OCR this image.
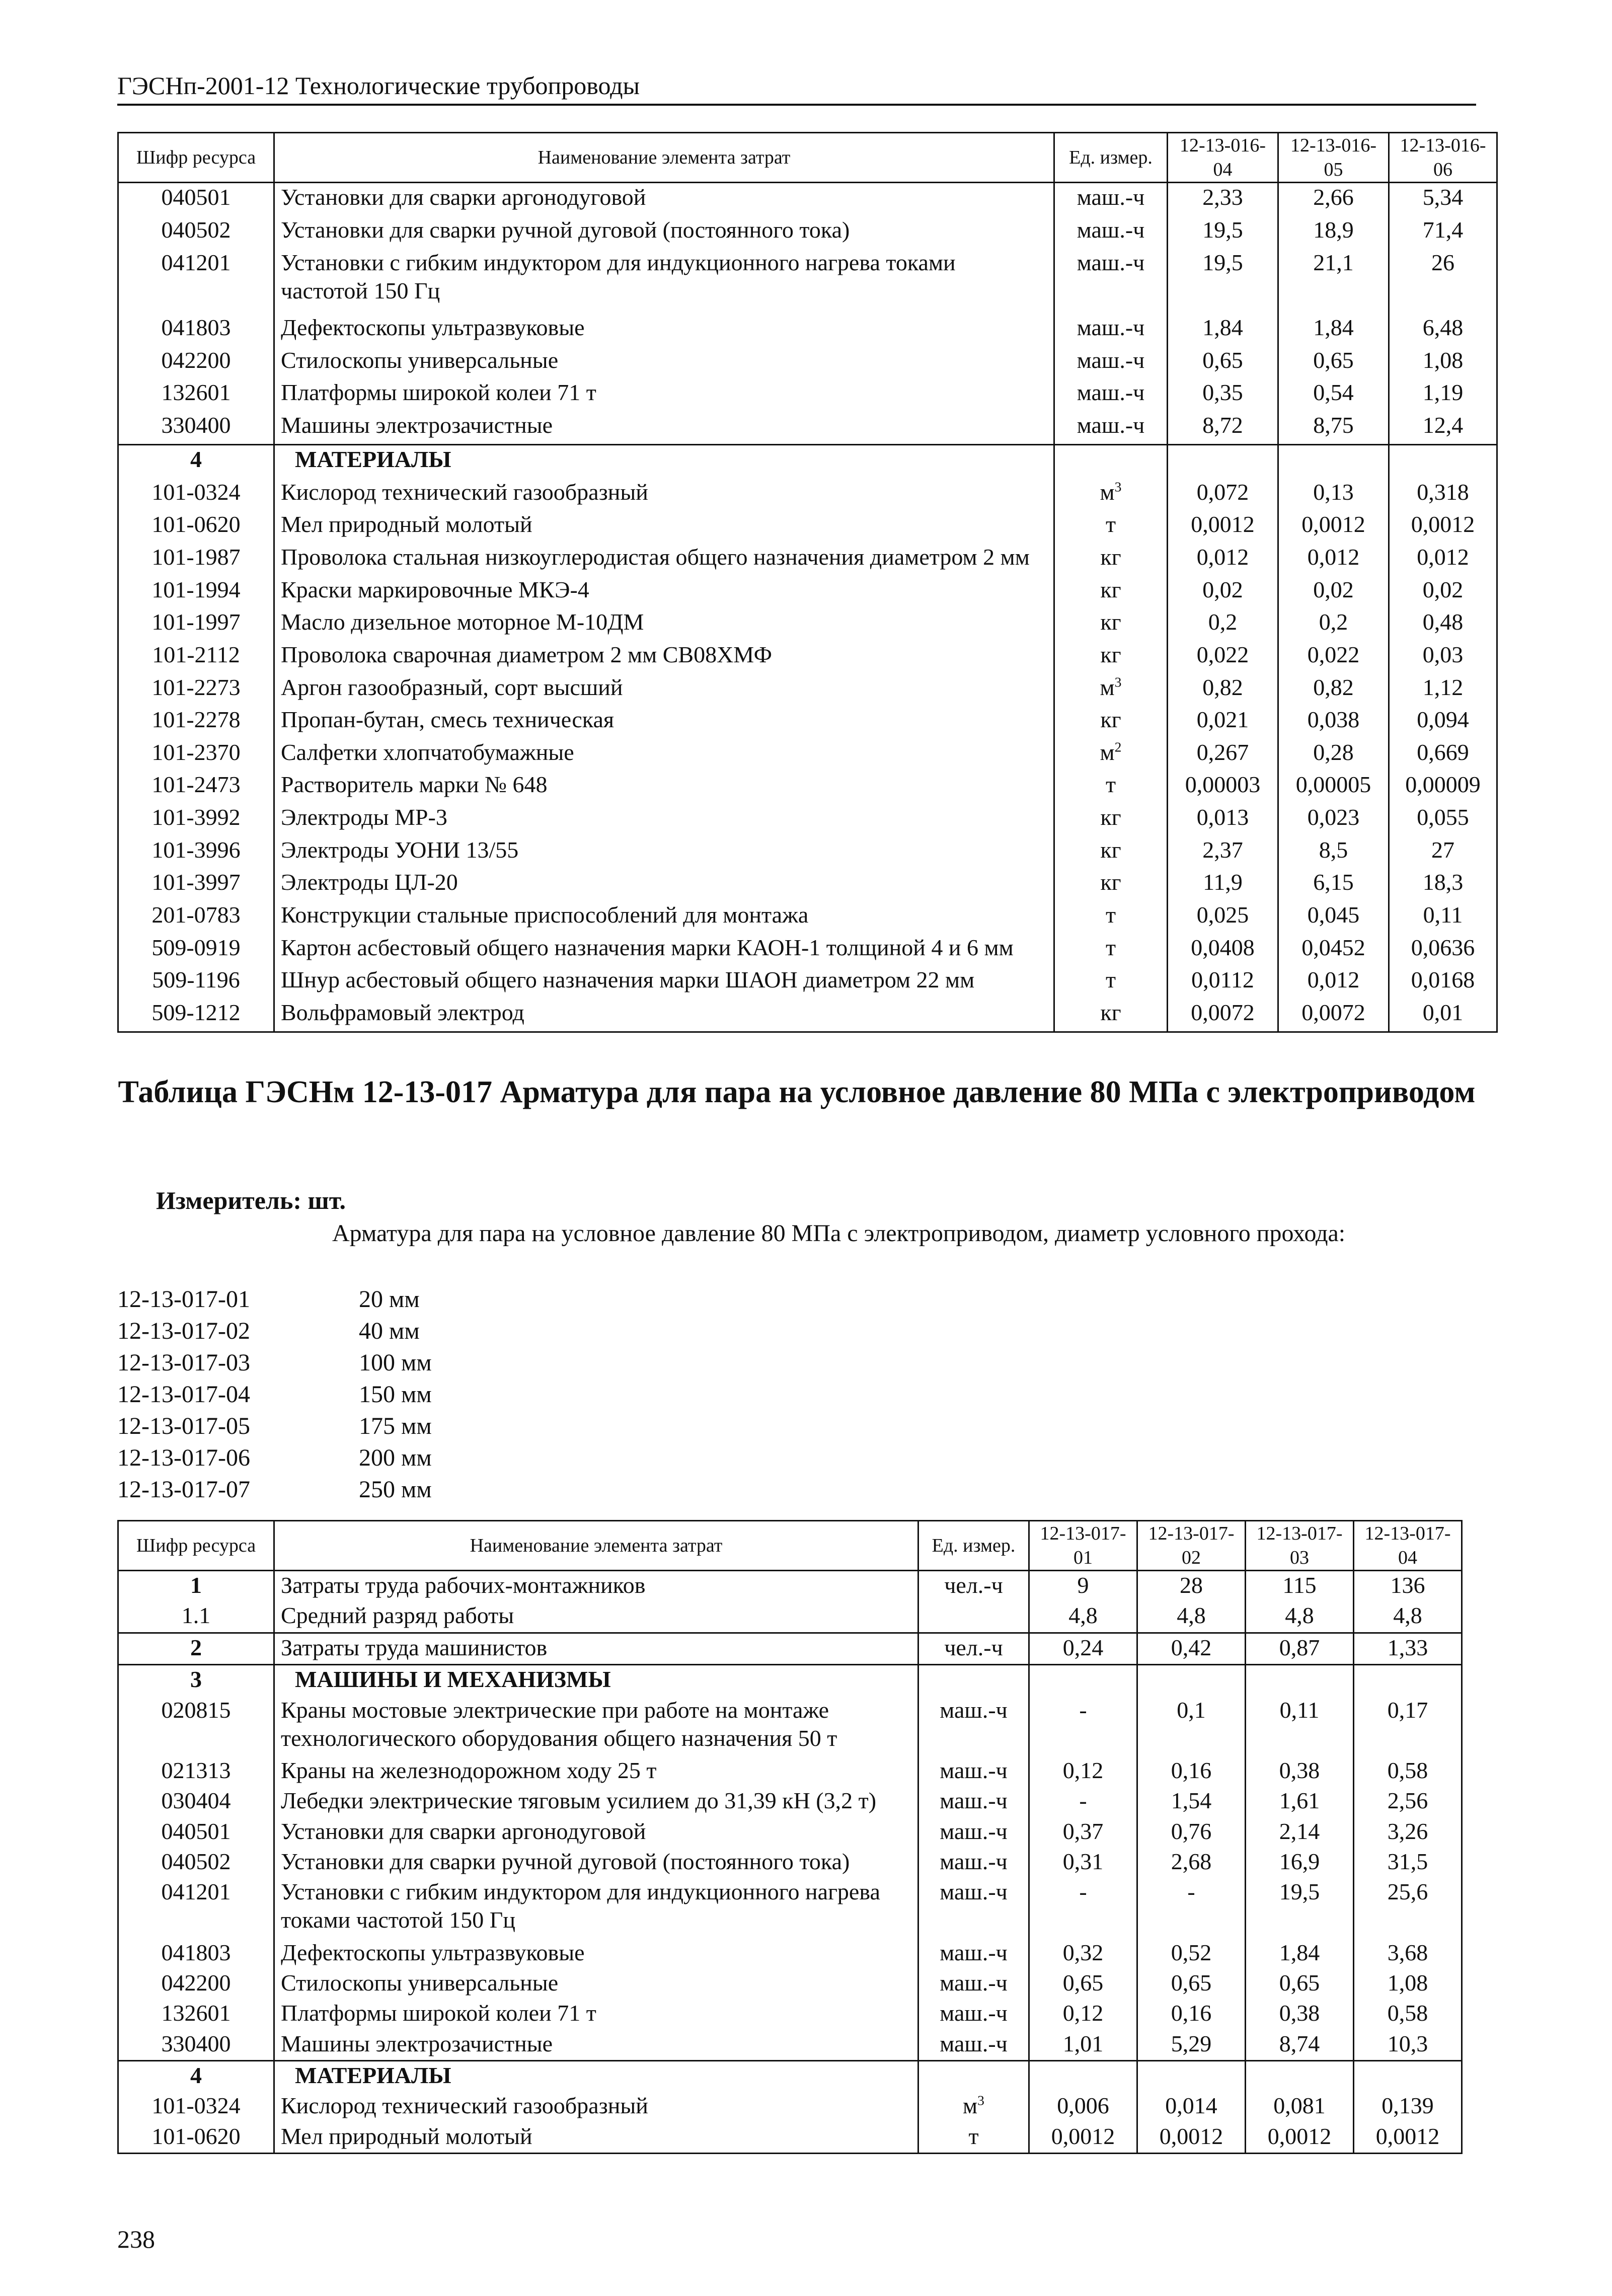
ГЭСНп-2001-12 Технологические трубопроводы
Шифр ресурса	Наименование элемента затрат	Ед. измер.	12-13-016-04	12-13-016-05	12-13-016-06
040501	Установки для сварки аргонодуговой	маш.-ч	2,33	2,66	5,34
040502	Установки для сварки ручной дуговой (постоянного тока)	маш.-ч	19,5	18,9	71,4
041201	Установки с гибким индуктором для индукционного нагрева токами частотой 150 Гц	маш.-ч	19,5	21,1	26
041803	Дефектоскопы ультразвуковые	маш.-ч	1,84	1,84	6,48
042200	Стилоскопы универсальные	маш.-ч	0,65	0,65	1,08
132601	Платформы широкой колеи 71 т	маш.-ч	0,35	0,54	1,19
330400	Машины электрозачистные	маш.-ч	8,72	8,75	12,4
4	МАТЕРИАЛЫ				
101-0324	Кислород технический газообразный	$м^3$	0,072	0,13	0,318
101-0620	Мел природный молотый	т	0,0012	0,0012	0,0012
101-1987	Проволока стальная низкоуглеродистая общего назначения диаметром 2 мм	кг	0,012	0,012	0,012
101-1994	Краски маркировочные МКЭ-4	кг	0,02	0,02	0,02
101-1997	Масло дизельное моторное М-10ДМ	кг	0,2	0,2	0,48
101-2112	Проволока сварочная диаметром 2 мм СВ08ХМФ	кг	0,022	0,022	0,03
101-2273	Аргон газообразный, сорт высший	$м^3$	0,82	0,82	1,12
101-2278	Пропан-бутан, смесь техническая	кг	0,021	0,038	0,094
101-2370	Салфетки хлопчатобумажные	$м^2$	0,267	0,28	0,669
101-2473	Растворитель марки № 648	т	0,00003	0,00005	0,00009
101-3992	Электроды МР-3	кг	0,013	0,023	0,055
101-3996	Электроды УОНИ 13/55	кг	2,37	8,5	27
101-3997	Электроды ЦЛ-20	кг	11,9	6,15	18,3
201-0783	Конструкции стальные приспособлений для монтажа	т	0,025	0,045	0,11
509-0919	Картон асбестовый общего назначения марки КАОН-1 толщиной 4 и 6 мм	т	0,0408	0,0452	0,0636
509-1196	Шнур асбестовый общего назначения марки ШАОН диаметром 22 мм	т	0,0112	0,012	0,0168
509-1212	Вольфрамовый электрод	кг	0,0072	0,0072	0,01
Таблица ГЭСНм 12-13-017 Арматура для пара на условное давление 80 МПа с электроприводом
Измеритель: шт.
Арматура для пара на условное давление 80 МПа с электроприводом, диаметр условного прохода:
12-13-017-01	20 мм
12-13-017-02	40 мм
12-13-017-03	100 мм
12-13-017-04	150 мм
12-13-017-05	175 мм
12-13-017-06	200 мм
12-13-017-07	250 мм
Шифр ресурса	Наименование элемента затрат	Ед. измер.	12-13-017-01	12-13-017-02	12-13-017-03	12-13-017-04
1	Затраты труда рабочих-монтажников	чел.-ч	9	28	115	136
1.1	Средний разряд работы		4,8	4,8	4,8	4,8
2	Затраты труда машинистов	чел.-ч	0,24	0,42	0,87	1,33
3	МАШИНЫ И МЕХАНИЗМЫ					
020815	Краны мостовые электрические при работе на монтаже технологического оборудования общего назначения 50 т	маш.-ч	-	0,1	0,11	0,17
021313	Краны на железнодорожном ходу 25 т	маш.-ч	0,12	0,16	0,38	0,58
030404	Лебедки электрические тяговым усилием до 31,39 кН (3,2 т)	маш.-ч	-	1,54	1,61	2,56
040501	Установки для сварки аргонодуговой	маш.-ч	0,37	0,76	2,14	3,26
040502	Установки для сварки ручной дуговой (постоянного тока)	маш.-ч	0,31	2,68	16,9	31,5
041201	Установки с гибким индуктором для индукционного нагрева токами частотой 150 Гц	маш.-ч	-	-	19,5	25,6
041803	Дефектоскопы ультразвуковые	маш.-ч	0,32	0,52	1,84	3,68
042200	Стилоскопы универсальные	маш.-ч	0,65	0,65	0,65	1,08
132601	Платформы широкой колеи 71 т	маш.-ч	0,12	0,16	0,38	0,58
330400	Машины электрозачистные	маш.-ч	1,01	5,29	8,74	10,3
4	МАТЕРИАЛЫ					
101-0324	Кислород технический газообразный	$м^3$	0,006	0,014	0,081	0,139
101-0620	Мел природный молотый	т	0,0012	0,0012	0,0012	0,0012
238
